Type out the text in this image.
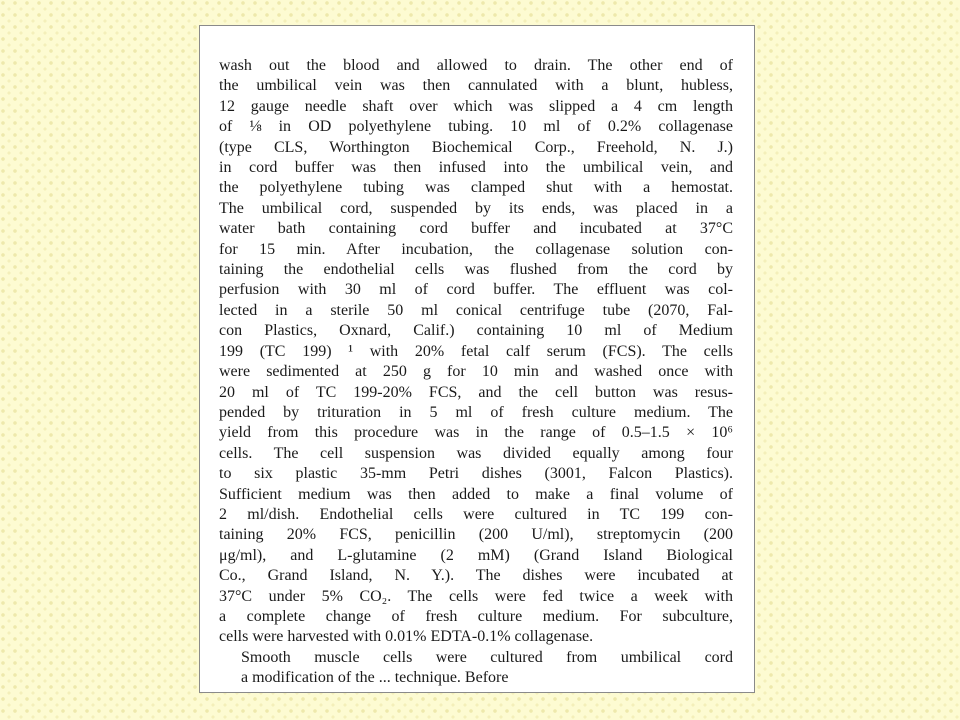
wash out the blood and allowed to drain. The other end of
the umbilical vein was then cannulated with a blunt, hubless,
12 gauge needle shaft over which was slipped a 4 cm length
of ⅛ in OD polyethylene tubing. 10 ml of 0.2% collagenase
(type CLS, Worthington Biochemical Corp., Freehold, N. J.)
in cord buffer was then infused into the umbilical vein, and
the polyethylene tubing was clamped shut with a hemostat.
The umbilical cord, suspended by its ends, was placed in a
water bath containing cord buffer and incubated at 37°C
for 15 min. After incubation, the collagenase solution con-
taining the endothelial cells was flushed from the cord by
perfusion with 30 ml of cord buffer. The effluent was col-
lected in a sterile 50 ml conical centrifuge tube (2070, Fal-
con Plastics, Oxnard, Calif.) containing 10 ml of Medium
199 (TC 199) ¹ with 20% fetal calf serum (FCS). The cells
were sedimented at 250 g for 10 min and washed once with
20 ml of TC 199-20% FCS, and the cell button was resus-
pended by trituration in 5 ml of fresh culture medium. The
yield from this procedure was in the range of 0.5–1.5 × 10⁶
cells. The cell suspension was divided equally among four
to six plastic 35-mm Petri dishes (3001, Falcon Plastics).
Sufficient medium was then added to make a final volume of
2 ml/dish. Endothelial cells were cultured in TC 199 con-
taining 20% FCS, penicillin (200 U/ml), streptomycin (200
μg/ml), and L-glutamine (2 mM) (Grand Island Biological
Co., Grand Island, N. Y.). The dishes were incubated at
37°C under 5% CO₂. The cells were fed twice a week with
a complete change of fresh culture medium. For subculture,
cells were harvested with 0.01% EDTA-0.1% collagenase.
Smooth muscle cells were cultured from umbilical cord
a modification of the ... technique. Before
